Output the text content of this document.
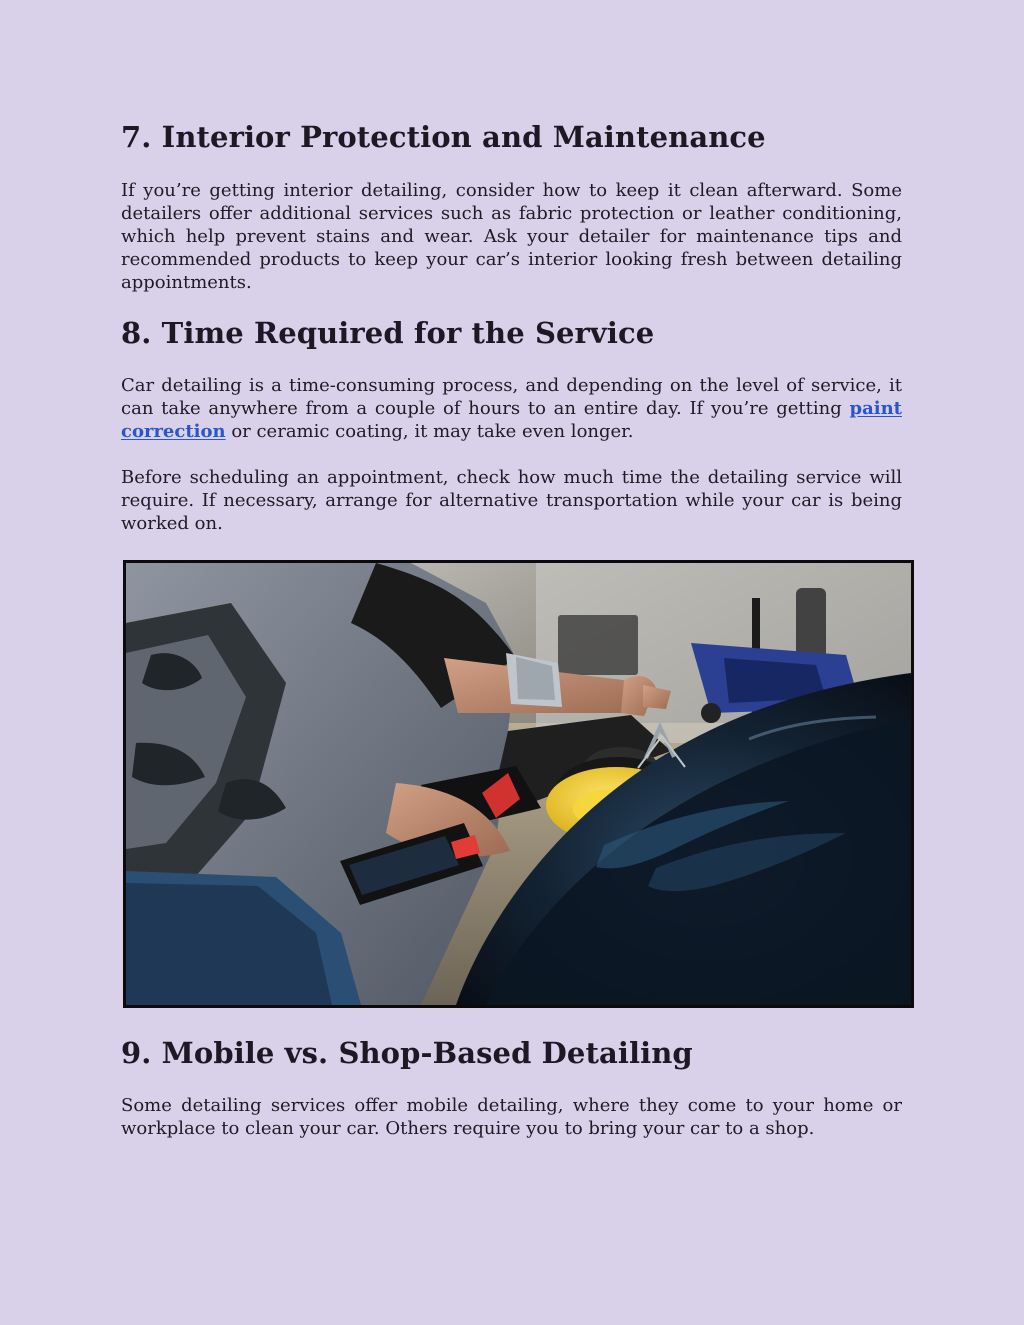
7. Interior Protection and Maintenance

If you’re getting interior detailing, consider how to keep it clean afterward. Some detailers offer additional services such as fabric protection or leather conditioning, which help prevent stains and wear. Ask your detailer for maintenance tips and recommended products to keep your car’s interior looking fresh between detailing appointments.

8. Time Required for the Service

Car detailing is a time-consuming process, and depending on the level of service, it can take anywhere from a couple of hours to an entire day. If you’re getting paint correction or ceramic coating, it may take even longer.

Before scheduling an appointment, check how much time the detailing service will require. If necessary, arrange for alternative transportation while your car is being worked on.

9. Mobile vs. Shop-Based Detailing

Some detailing services offer mobile detailing, where they come to your home or workplace to clean your car. Others require you to bring your car to a shop.
